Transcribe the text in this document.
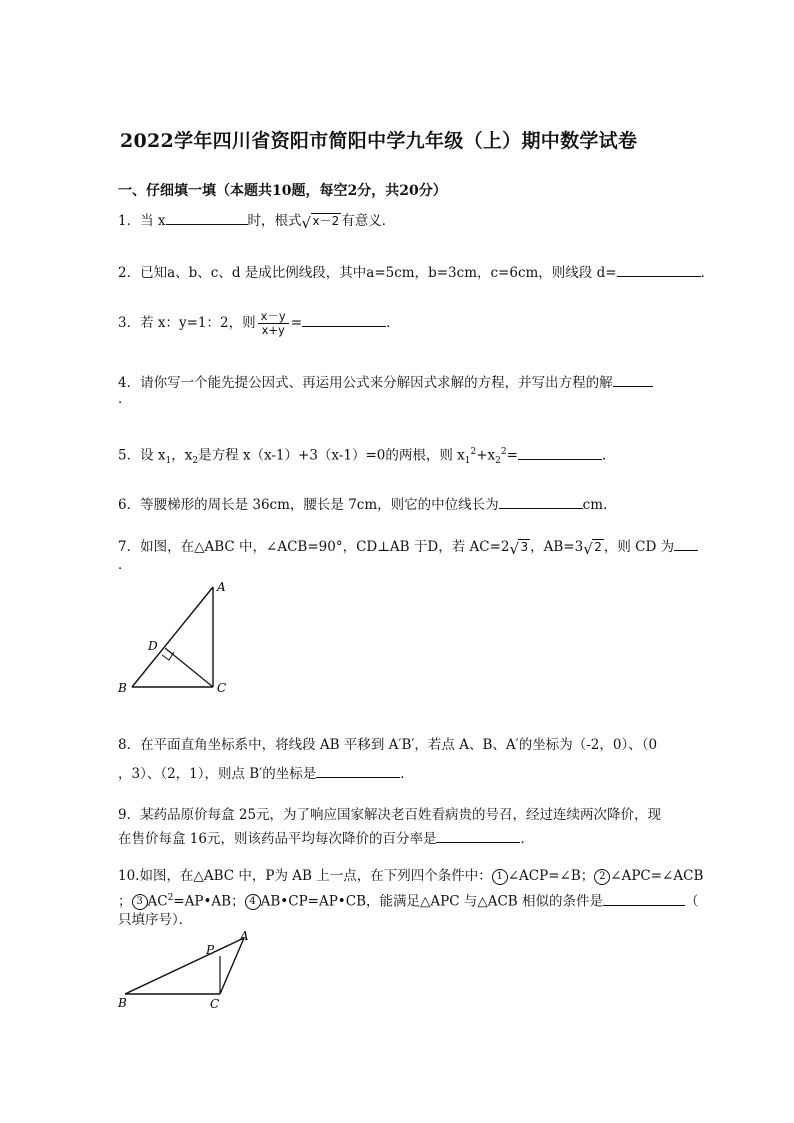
2022学年四川省资阳市简阳中学九年级（上）期中数学试卷
一、仔细填一填（本题共10题，每空2分，共20分）
1．当 x	时，根式 √ x－2 有意义．
2．已知a、b、c、d 是成比例线段，其中a=5cm，b=3cm，c=6cm，则线段 d=	．
3．若 x：y=1：2，则 $\frac{x-y}{x+y}$ =	．
4．请你写一个能先提公因式、再运用公式来分解因式求解的方程，并写出方程的解
．
5．设 $x_1$，$x_2$是方程 x（x-1）+3（x-1）=0的两根，则 $x_1^2+x_2^2=$	．
6．等腰梯形的周长是 36cm，腰长是 7cm，则它的中位线长为	cm.
7．如图，在△ABC 中，∠ACB=90°，CD⊥AB 于D，若 AC=2 √ 3 ，AB=3 √ 2 ，则 CD 为
．
A
B	C
D
8．在平面直角坐标系中，将线段 AB 平移到 A′B′，若点 A、B、A′的坐标为（-2，0）、（0
，3）、（2，1），则点 B′的坐标是	．
9．某药品原价每盒 25元，为了响应国家解决老百姓看病贵的号召，经过连续两次降价，现
在售价每盒 16元，则该药品平均每次降价的百分率是	．
10.如图，在△ABC 中，P为 AB 上一点，在下列四个条件中： 1 ∠ACP=∠B； 2 ∠APC=∠ACB
； 3 $AC^2=AP•AB$； 4 AB•CP=AP•CB，能满足△APC 与△ACB 相似的条件是	（
只填序号）．
A
B	C
P
